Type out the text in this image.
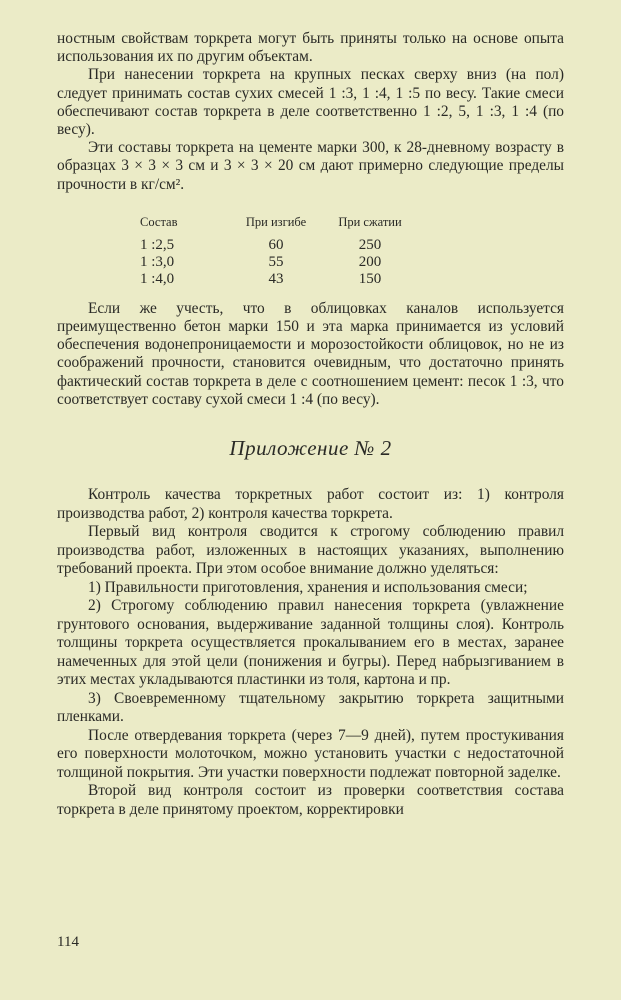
ностным свойствам торкрета могут быть приняты только на основе опыта использования их по другим объектам.

При нанесении торкрета на крупных песках сверху вниз (на пол) следует принимать состав сухих смесей 1 :3, 1 :4, 1 :5 по весу. Такие смеси обеспечивают состав торкрета в деле соответственно 1 :2, 5, 1 :3, 1 :4 (по весу).

Эти составы торкрета на цементе марки 300, к 28-дневному возрасту в образцах 3 × 3 × 3 см и 3 × 3 × 20 см дают примерно следующие пределы прочности в кг/см².

Состав	При изгибе	При сжатии
1 :2,5	60	250
1 :3,0	55	200
1 :4,0	43	150

Если же учесть, что в облицовках каналов используется преимущественно бетон марки 150 и эта марка принимается из условий обеспечения водонепроницаемости и морозостойкости облицовок, но не из соображений прочности, становится очевидным, что достаточно принять фактический состав торкрета в деле с соотношением цемент: песок 1 :3, что соответствует составу сухой смеси 1 :4 (по весу).

Приложение № 2

Контроль качества торкретных работ состоит из: 1) контроля производства работ, 2) контроля качества торкрета.

Первый вид контроля сводится к строгому соблюдению правил производства работ, изложенных в настоящих указаниях, выполнению требований проекта. При этом особое внимание должно уделяться:

1) Правильности приготовления, хранения и использования смеси;

2) Строгому соблюдению правил нанесения торкрета (увлажнение грунтового основания, выдерживание заданной толщины слоя). Контроль толщины торкрета осуществляется прокалыванием его в местах, заранее намеченных для этой цели (понижения и бугры). Перед набрызгиванием в этих местах укладываются пластинки из толя, картона и пр.

3) Своевременному тщательному закрытию торкрета защитными пленками.

После отвердевания торкрета (через 7—9 дней), путем простукивания его поверхности молоточком, можно установить участки с недостаточной толщиной покрытия. Эти участки поверхности подлежат повторной заделке.

Второй вид контроля состоит из проверки соответствия состава торкрета в деле принятому проектом, корректировки

114
